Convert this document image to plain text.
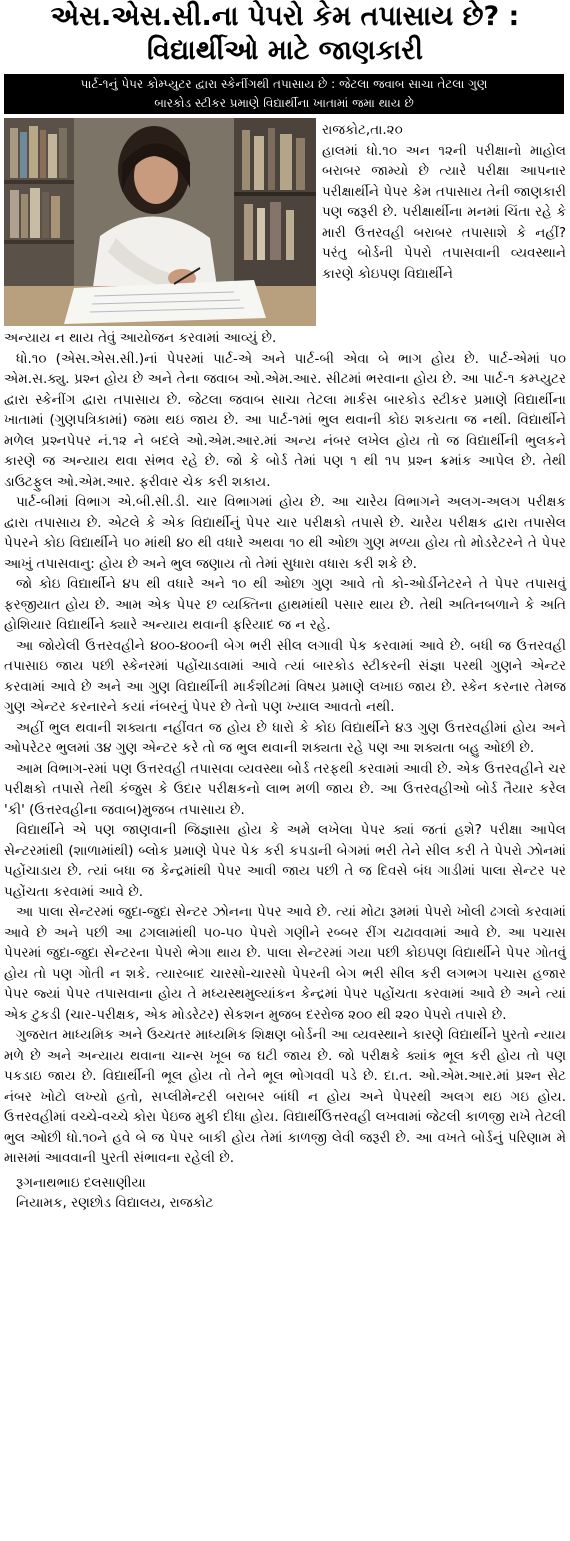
એસ.એસ.સી.ના પેપરો કેમ તપાસાય છે? :
વિદ્યાર્થીઓ માટે જાણકારી
પાર્ટ-૧નું પેપર કોમ્પ્યુટર દ્વારા સ્કેનીંગથી તપાસાય છે : જેટલા જવાબ સાચા તેટલા ગુણ
બારકોડ સ્ટીકર પ્રમાણે વિદ્યાર્થીના ખાતામાં જમા થાય છે
રાજકોટ,તા.૨૦
હાલમાં ધો.૧૦ અન ૧૨ની પરીક્ષાનો માહોલ બરાબર જામ્યો છે ત્યારે પરીક્ષા આપનાર પરીક્ષાર્થીને પેપર કેમ તપાસાય તેની જાણકારી પણ જરૂરી છે. પરીક્ષાર્થીના મનમાં ચિંતા રહે કે મારી ઉત્તરવહી બરાબર તપાસાશે કે નહીં? પરંતુ બોર્ડની પેપરો તપાસવાની વ્યવસ્થાને કારણે કોઇપણ વિદ્યાર્થીને

અન્યાય ન થાય તેવું આયોજન કરવામાં આવ્યું છે.

ધો.૧૦ (એસ.એસ.સી.)નાં પેપરમાં પાર્ટ-એ અને પાર્ટ-બી એવા બે ભાગ હોય છે. પાર્ટ-એમાં ૫૦ એમ.સ.ક્યુ. પ્રશ્ન હોય છે અને તેના જવાબ ઓ.એમ.આર. સીટમાં ભરવાના હોય છે. આ પાર્ટ-૧ કમ્પ્યુટર દ્વારા સ્કેનીંગ દ્વારા તપાસાય છે. જેટલા જવાબ સાચા તેટલા માર્કસ બારકોડ સ્ટીકર પ્રમાણે વિદ્યાર્થીના ખાતામાં (ગુણપત્રિકામાં) જમા થઇ જાય છે. આ પાર્ટ-૧માં ભુલ થવાની કોઇ શકયતા જ નથી. વિદ્યાર્થીને મળેલ પ્રશ્નપેપર નં.૧૨ ને બદલે ઓ.એમ.આર.માં અન્ય નંબર લખેલ હોય તો જ વિદ્યાર્થીની ભુલકને કારણે જ અન્યાય થવા સંભવ રહે છે. જો કે બોર્ડ તેમાં પણ ૧ થી ૧૫ પ્રશ્ન ક્રમાંક આપેલ છે. તેથી ડાઉટફુલ ઓ.એમ.આર. ફરીવાર ચેક કરી શકાય.

પાર્ટ-બીમાં વિભાગ એ.બી.સી.ડી. ચાર વિભાગમાં હોય છે. આ ચારેય વિભાગને અલગ-અલગ પરીક્ષક દ્વારા તપાસાય છે. એટલે કે એક વિદ્યાર્થીનું પેપર ચાર પરીક્ષકો તપાસે છે. ચારેય પરીક્ષક દ્વારા તપાસેલ પેપરને કોઇ વિદ્યાર્થીને ૫૦ માંથી ૪૦ થી વધારે અથવા ૧૦ થી ઓછા ગુણ મળ્યા હોય તો મોડરેટરને તે પેપર આખું તપાસવાનુ: હોય છે અને ભુલ જણાય તો તેમાં સુધારા વધારા કરી શકે છે.

જો કોઇ વિદ્યાર્થીને ૪૫ થી વધારે અને ૧૦ થી ઓછા ગુણ આવે તો કો-ઓર્ડીનેટરને તે પેપર તપાસવું ફરજીયાત હોય છે. આમ એક પેપર છ વ્યક્તિના હાથમાંથી પસાર થાય છે. તેથી અતિનબળાને કે અતિ હોશિયાર વિદ્યાર્થીને ક્યારે અન્યાય થવાની ફરિયાદ જ ન રહે.

આ જોયેલી ઉત્તરવહીને ૪૦૦-૪૦૦ની બેગ ભરી સીલ લગાવી પેક કરવામાં આવે છે. બધી જ ઉત્તરવહી તપાસાઇ જાય પછી સ્કેનરમાં પહોંચાડવામાં આવે ત્યાં બારકોડ સ્ટીકરની સંજ્ઞા પરથી ગુણને એન્ટર કરવામાં આવે છે અને આ ગુણ વિદ્યાર્થીની માર્કશીટમાં વિષય પ્રમાણે લખાઇ જાય છે. સ્કેન કરનાર તેમજ ગુણ એન્ટર કરનારને કયાં નંબરનું પેપર છે તેનો પણ ખ્યાલ આવતો નથી.

અહીં ભુલ થવાની શક્યતા નહીંવત જ હોય છે ધારો કે કોઇ વિદ્યાર્થીને ૪૩ ગુણ ઉત્તરવહીમાં હોય અને ઓપરેટર ભુલમાં ૩૪ ગુણ એન્ટર કરે તો જ ભુલ થવાની શક્યતા રહે પણ આ શક્યતા બહુ ઓછી છે.

આમ વિભાગ-રમાં પણ ઉત્તરવહી તપાસવા વ્યવસ્થા બોર્ડ તરફથી કરવામાં આવી છે. એક ઉત્તરવહીને ચર પરીક્ષકો તપાસે તેથી કંજુસ કે ઉદાર પરીક્ષકનો લાભ મળી જાય છે. આ ઉત્તરવહીઓ બોર્ડ તૈયાર કરેલ 'કી' (ઉત્તરવહીના જવાબ)મુજબ તપાસાય છે.

વિદ્યાર્થીને એ પણ જાણવાની જિજ્ઞાસા હોય કે અમે લખેલા પેપર ક્યાં જતાં હશે? પરીક્ષા આપેલ સેન્ટરમાંથી (શાળામાંથી) બ્લોક પ્રમાણે પેપર પેક કરી કપડાની બેગમાં ભરી તેને સીલ કરી તે પેપરો ઝોનમાં પહોંચાડાય છે. ત્યાં બધા જ કેન્દ્રમાંથી પેપર આવી જાય પછી તે જ દિવસે બંધ ગાડીમાં પાલા સેન્ટર પર પહોંચતા કરવામાં આવે છે.

આ પાલા સેન્ટરમાં જુદા-જુદા સેન્ટર ઝોનના પેપર આવે છે. ત્યાં મોટા રૂમમાં પેપરો ખોલી ઢગલો કરવામાં આવે છે અને પછી આ ઢગલામાંથી ૫૦-૫૦ પેપરો ગણીને રબ્બર રીંગ ચઢાવવામાં આવે છે. આ પચાસ પેપરમાં જુદા-જુદા સેન્ટરના પેપરો ભેગા થાય છે. પાલા સેન્ટરમાં ગયા પછી કોઇપણ વિદ્યાર્થીને પેપર ગોતવું હોય તો પણ ગોતી ન શકે. ત્યારબાદ ચારસો-ચારસો પેપરની બેગ ભરી સીલ કરી લગભગ પચાસ હજાર પેપર જ્યાં પેપર તપાસવાના હોય તે મધ્યસ્થમુલ્યાંકન કેન્દ્રમાં પેપર પહોંચતા કરવામાં આવે છે અને ત્યાં એક ટુકડી (ચાર-પરીક્ષક, એક મોડરેટર) સેકશન મુજબ દરરોજ ૨૦૦ થી ૨૨૦ પેપરો તપાસે છે.

ગુજરાત માધ્યમિક અને ઉચ્ચતર માધ્યમિક શિક્ષણ બોર્ડની આ વ્યવસ્થાને કારણે વિદ્યાર્થીને પુરતો ન્યાય મળે છે અને અન્યાય થવાના ચાન્સ ખૂબ જ ઘટી જાય છે. જો પરીક્ષકે ક્યાંક ભૂલ કરી હોય તો પણ પકડાઇ જાય છે. વિદ્યાર્થીની ભૂલ હોય તો તેને ભૂલ ભોગવવી પડે છે. દા.ત. ઓ.એમ.આર.માં પ્રશ્ન સેટ નંબર ખોટો લખ્યો હતો, સપ્લીમેન્ટરી બરાબર બાંધી ન હોય અને પેપરથી અલગ થઇ ગઇ હોય. ઉત્તરવહીમાં વચ્ચે-વચ્ચે કોરા પેઇજ મુકી દીધા હોય. વિદ્યાર્થીઉત્તરવહી લખવામાં જેટલી કાળજી રાખે તેટલી ભુલ ઓછી ધો.૧૦ને હવે બે જ પેપર બાકી હોય તેમાં કાળજી લેવી જરૂરી છે. આ વખતે બોર્ડનું પરિણામ મે માસમાં આવવાની પુરતી સંભાવના રહેલી છે.

રૂગનાથભાઇ દલસાણીયા
નિયામક, રણછોડ વિદ્યાલય, રાજકોટ
